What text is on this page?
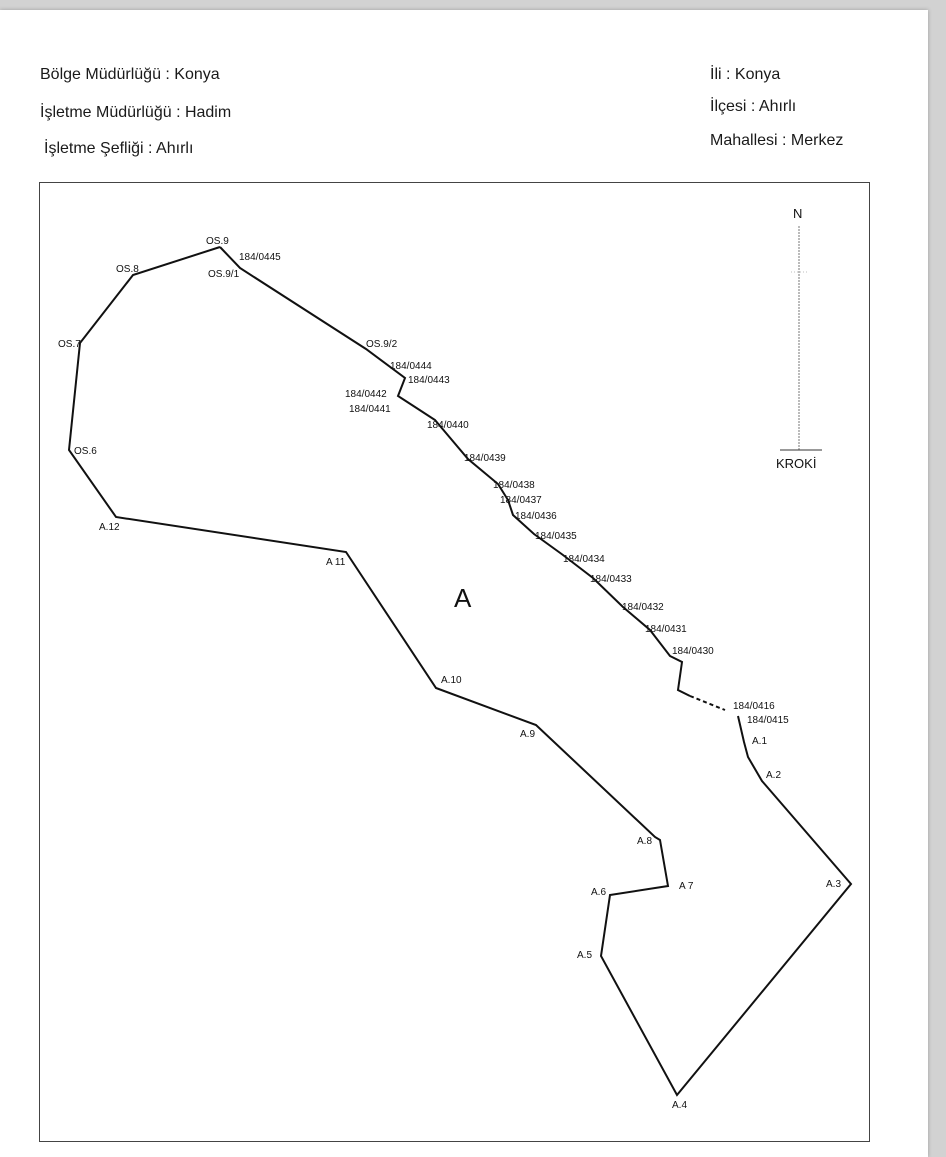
Bölge Müdürlüğü : Konya
İşletme Müdürlüğü : Hadim
İşletme Şefliği : Ahırlı
İli : Konya
İlçesi : Ahırlı
Mahallesi : Merkez
N
KROKİ
OS.9
184/0445
OS.9/1
OS.8
OS.7
OS.6
A.12
A 11
A.10
A.9
A.8
A 7
A.6
A.5
A.4
A.3
A.2
A.1
OS.9/2
184/0444
184/0443
184/0442
184/0441
184/0440
184/0439
184/0438
184/0437
184/0436
184/0435
184/0434
184/0433
184/0432
184/0431
184/0430
184/0416
184/0415
A
